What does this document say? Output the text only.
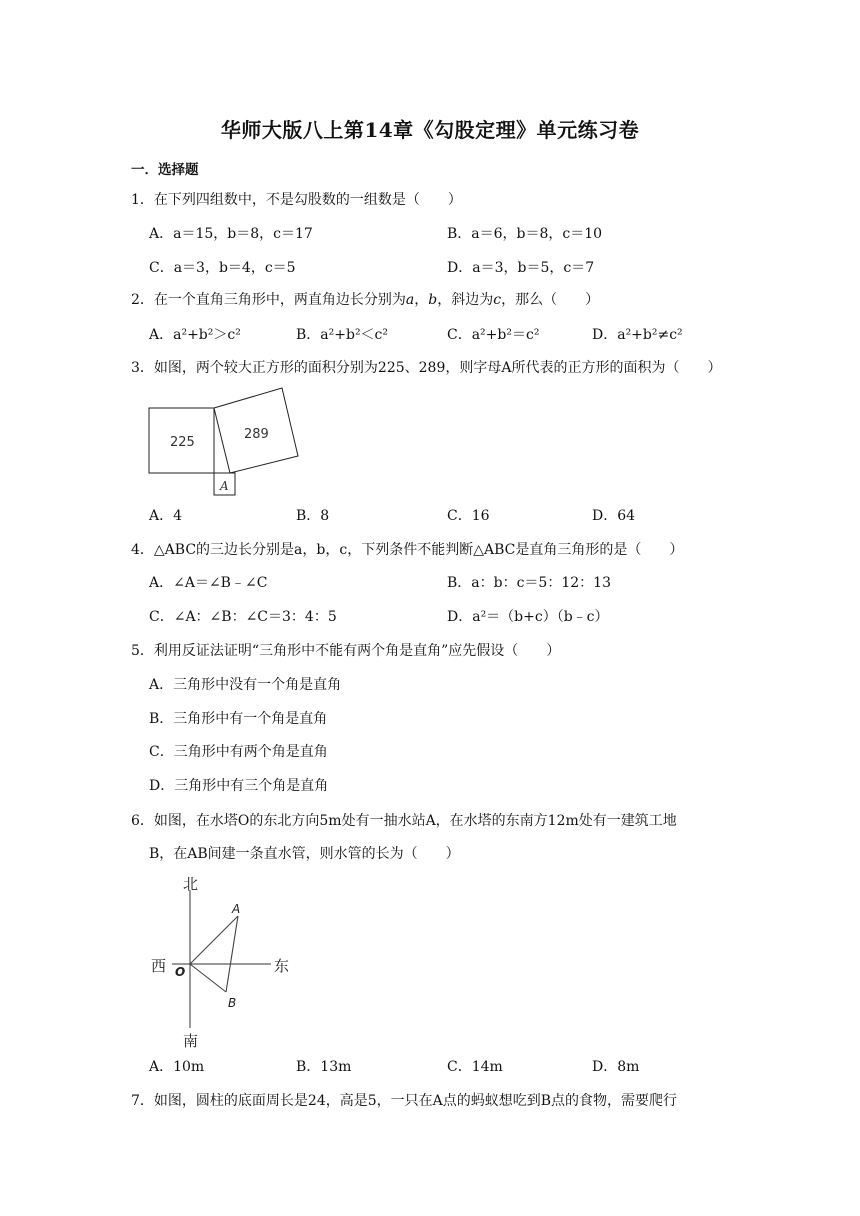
华师大版八上第14章《勾股定理》单元练习卷
一．选择题
1．在下列四组数中，不是勾股数的一组数是（　　）
A．a＝15，b＝8，c＝17	B．a＝6，b＝8，c＝10
C．a＝3，b＝4，c＝5	D．a＝3，b＝5，c＝7
2．在一个直角三角形中，两直角边长分别为a，b，斜边为c，那么（　　）
A．a²+b²＞c²	B．a²+b²＜c²	C．a²+b²＝c²	D．a²+b²≠c²
3．如图，两个较大正方形的面积分别为225、289，则字母A所代表的正方形的面积为（　　）
225
289
A
A．4	B．8	C．16	D．64
4．△ABC的三边长分别是a，b，c，下列条件不能判断△ABC是直角三角形的是（　　）
A．∠A＝∠B﹣∠C	B．a：b：c＝5：12：13
C．∠A：∠B：∠C＝3：4：5	D．a²＝（b+c）（b﹣c）
5．利用反证法证明“三角形中不能有两个角是直角”应先假设（　　）
A．三角形中没有一个角是直角
B．三角形中有一个角是直角
C．三角形中有两个角是直角
D．三角形中有三个角是直角
6．如图，在水塔O的东北方向5m处有一抽水站A，在水塔的东南方12m处有一建筑工地
B，在AB间建一条直水管，则水管的长为（　　）
北
南
西	东
O
A
B
A．10m	B．13m	C．14m	D．8m
7．如图，圆柱的底面周长是24，高是5，一只在A点的蚂蚁想吃到B点的食物，需要爬行
